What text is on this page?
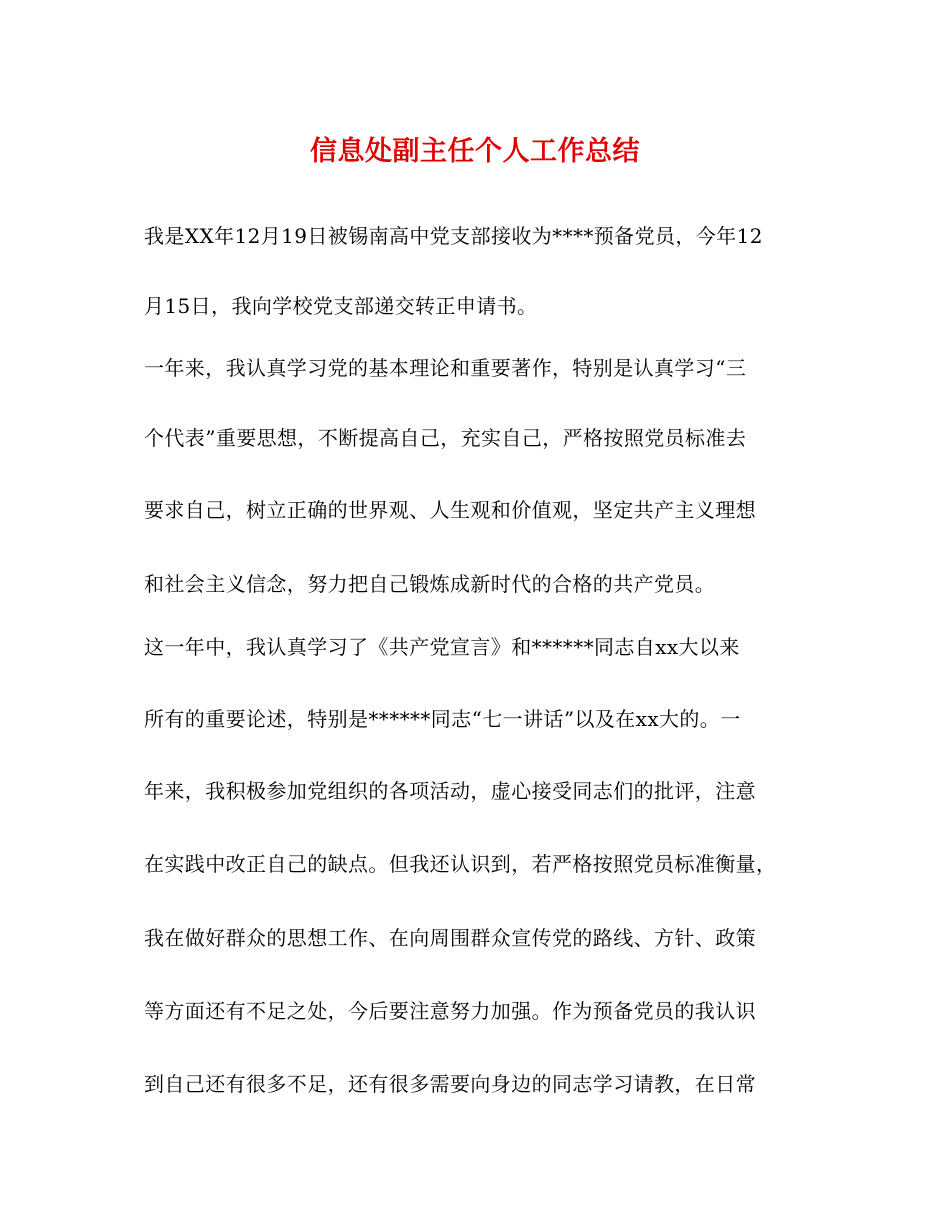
信息处副主任个人工作总结
我是XX年12月19日被锡南高中党支部接收为****预备党员，今年12
月15日，我向学校党支部递交转正申请书。
一年来，我认真学习党的基本理论和重要著作，特别是认真学习“三
个代表”重要思想，不断提高自己，充实自己，严格按照党员标准去
要求自己，树立正确的世界观、人生观和价值观，坚定共产主义理想
和社会主义信念，努力把自己锻炼成新时代的合格的共产党员。
这一年中，我认真学习了《共产党宣言》和******同志自xx大以来
所有的重要论述，特别是******同志“七一讲话”以及在xx大的。一
年来，我积极参加党组织的各项活动，虚心接受同志们的批评，注意
在实践中改正自己的缺点。但我还认识到，若严格按照党员标准衡量，
我在做好群众的思想工作、在向周围群众宣传党的路线、方针、政策
等方面还有不足之处，今后要注意努力加强。作为预备党员的我认识
到自己还有很多不足，还有很多需要向身边的同志学习请教，在日常
